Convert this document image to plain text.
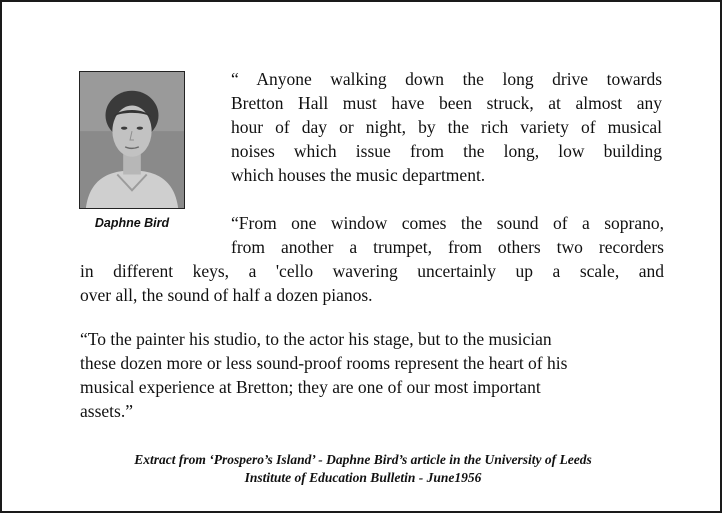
Daphne Bird
“ Anyone walking down the long drive towards
Bretton Hall must have been struck, at almost any
hour of day or night, by the rich variety of musical
noises which issue from the long, low building
which houses the music department.
“From one window comes the sound of a soprano,
from another a trumpet, from others two recorders
in different keys, a 'cello wavering uncertainly up a scale, and
over all, the sound of half a dozen pianos.
“To the painter his studio, to the actor his stage, but to the musician
these dozen more or less sound-proof rooms represent the heart of his
musical experience at Bretton; they are one of our most important
assets.”
Extract from ‘Prospero’s Island’ - Daphne Bird’s article in the University of Leeds
Institute of Education Bulletin - June1956
